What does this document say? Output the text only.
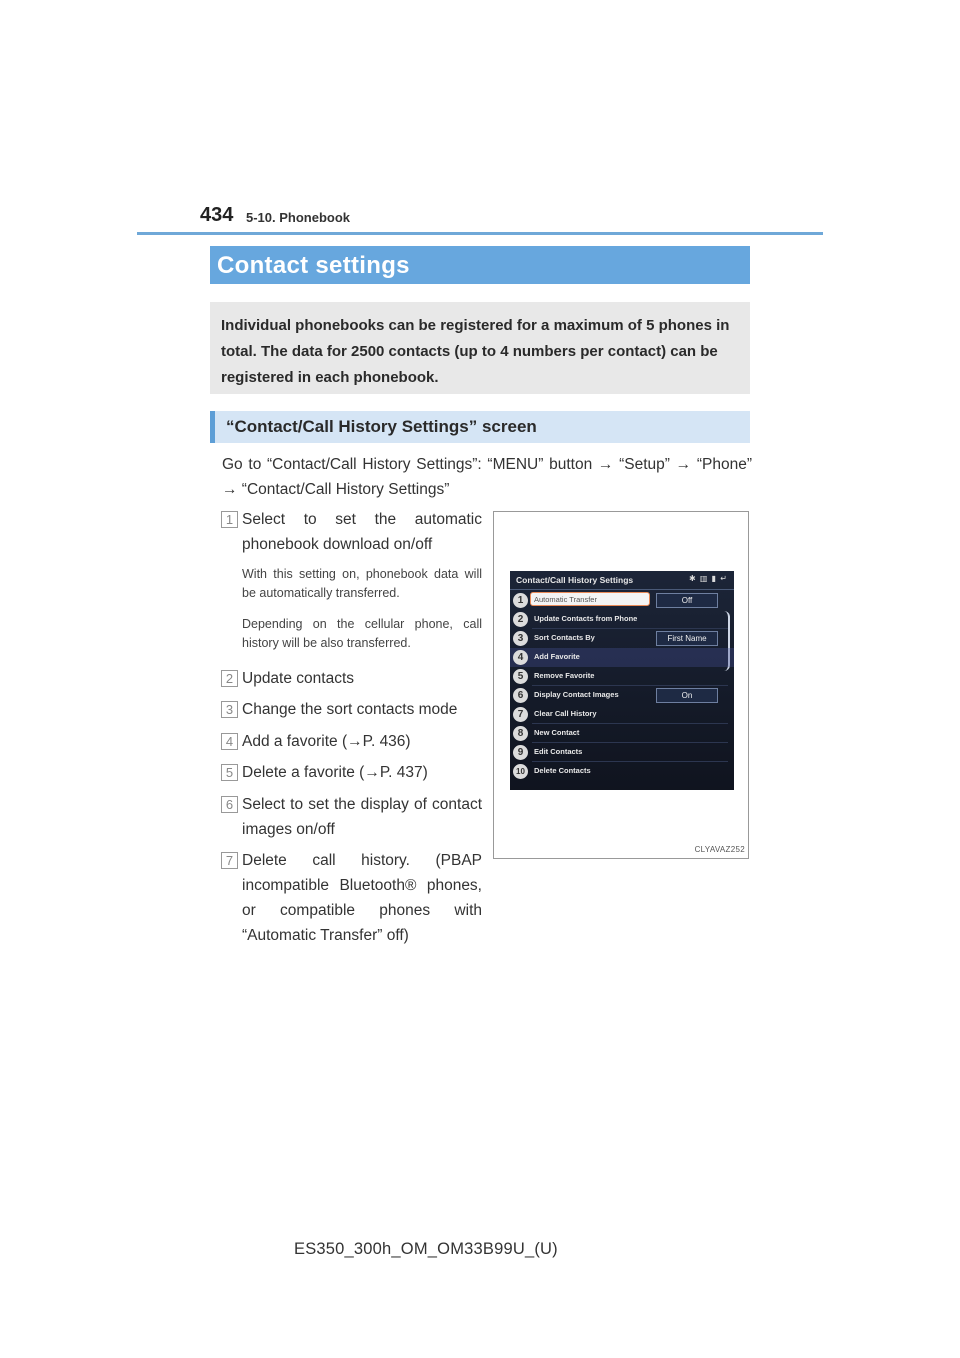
434 5-10. Phonebook
Contact settings
Individual phonebooks can be registered for a maximum of 5 phones in total. The data for 2500 contacts (up to 4 numbers per contact) can be registered in each phonebook.
“Contact/Call History Settings” screen
Go to “Contact/Call History Settings”: “MENU” button → “Setup” → “Phone” → “Contact/Call History Settings”
1 Select to set the automatic phonebook download on/off
With this setting on, phonebook data will be automatically transferred.
Depending on the cellular phone, call history will be also transferred.
2 Update contacts
3 Change the sort contacts mode
4 Add a favorite (→P. 436)
5 Delete a favorite (→P. 437)
6 Select to set the display of contact images on/off
7 Delete call history. (PBAP incompatible Bluetooth® phones, or compatible phones with “Automatic Transfer” off)
Contact/Call History Settings	✱ ▥ ▮ ↵
1	Automatic Transfer	Off
2	Update Contacts from Phone
3	Sort Contacts By	First Name
4	Add Favorite
5	Remove Favorite
6	Display Contact Images	On
7	Clear Call History
8	New Contact
9	Edit Contacts
10	Delete Contacts
CLYAVAZ252
ES350_300h_OM_OM33B99U_(U)
